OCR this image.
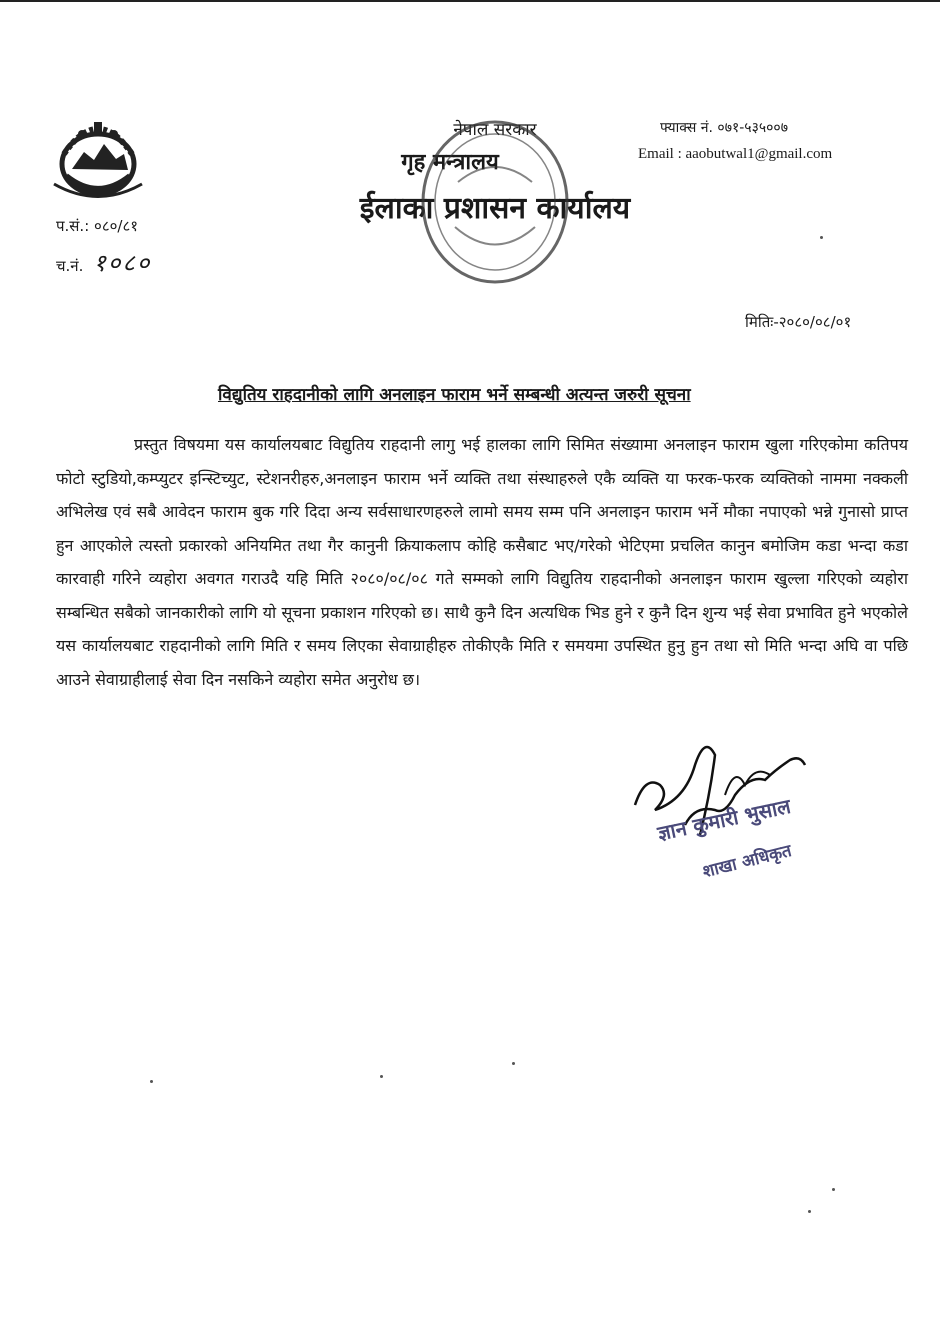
प.सं.: ०८०/८१
च.नं. १०८०
नेपाल सरकार
गृह मन्त्रालय
ईलाका प्रशासन कार्यालय
फ्याक्स नं. ०७१-५३५००७
Email : aaobutwal1@gmail.com
मितिः-२०८०/०८/०१
विद्युतिय राहदानीको लागि अनलाइन फाराम भर्ने सम्बन्धी अत्यन्त जरुरी सूचना

प्रस्तुत विषयमा यस कार्यालयबाट विद्युतिय राहदानी लागु भई हालका लागि सिमित संख्यामा अनलाइन फाराम खुला गरिएकोमा कतिपय फोटो स्टुडियो,कम्प्युटर इन्स्टिच्युट, स्टेशनरीहरु,अनलाइन फाराम भर्ने व्यक्ति तथा संस्थाहरुले एकै व्यक्ति या फरक-फरक व्यक्तिको नाममा नक्कली अभिलेख एवं सबै आवेदन फाराम बुक गरि दिदा अन्य सर्वसाधारणहरुले लामो समय सम्म पनि अनलाइन फाराम भर्ने मौका नपाएको भन्ने गुनासो प्राप्त हुन आएकोले त्यस्तो प्रकारको अनियमित तथा गैर कानुनी क्रियाकलाप कोहि कसैबाट भए/गरेको भेटिएमा प्रचलित कानुन बमोजिम कडा भन्दा कडा कारवाही गरिने व्यहोरा अवगत गराउदै यहि मिति २०८०/०८/०८ गते सम्मको लागि विद्युतिय राहदानीको अनलाइन फाराम खुल्ला गरिएको व्यहोरा सम्बन्धित सबैको जानकारीको लागि यो सूचना प्रकाशन गरिएको छ। साथै कुनै दिन अत्यधिक भिड हुने र कुनै दिन शुन्य भई सेवा प्रभावित हुने भएकोले यस कार्यालयबाट राहदानीको लागि मिति र समय लिएका सेवाग्राहीहरु तोकीएकै मिति र समयमा उपस्थित हुनु हुन तथा सो मिति भन्दा अघि वा पछि आउने सेवाग्राहीलाई सेवा दिन नसकिने व्यहोरा समेत अनुरोध छ।

ज्ञान कुमारी भुसाल
शाखा अधिकृत
